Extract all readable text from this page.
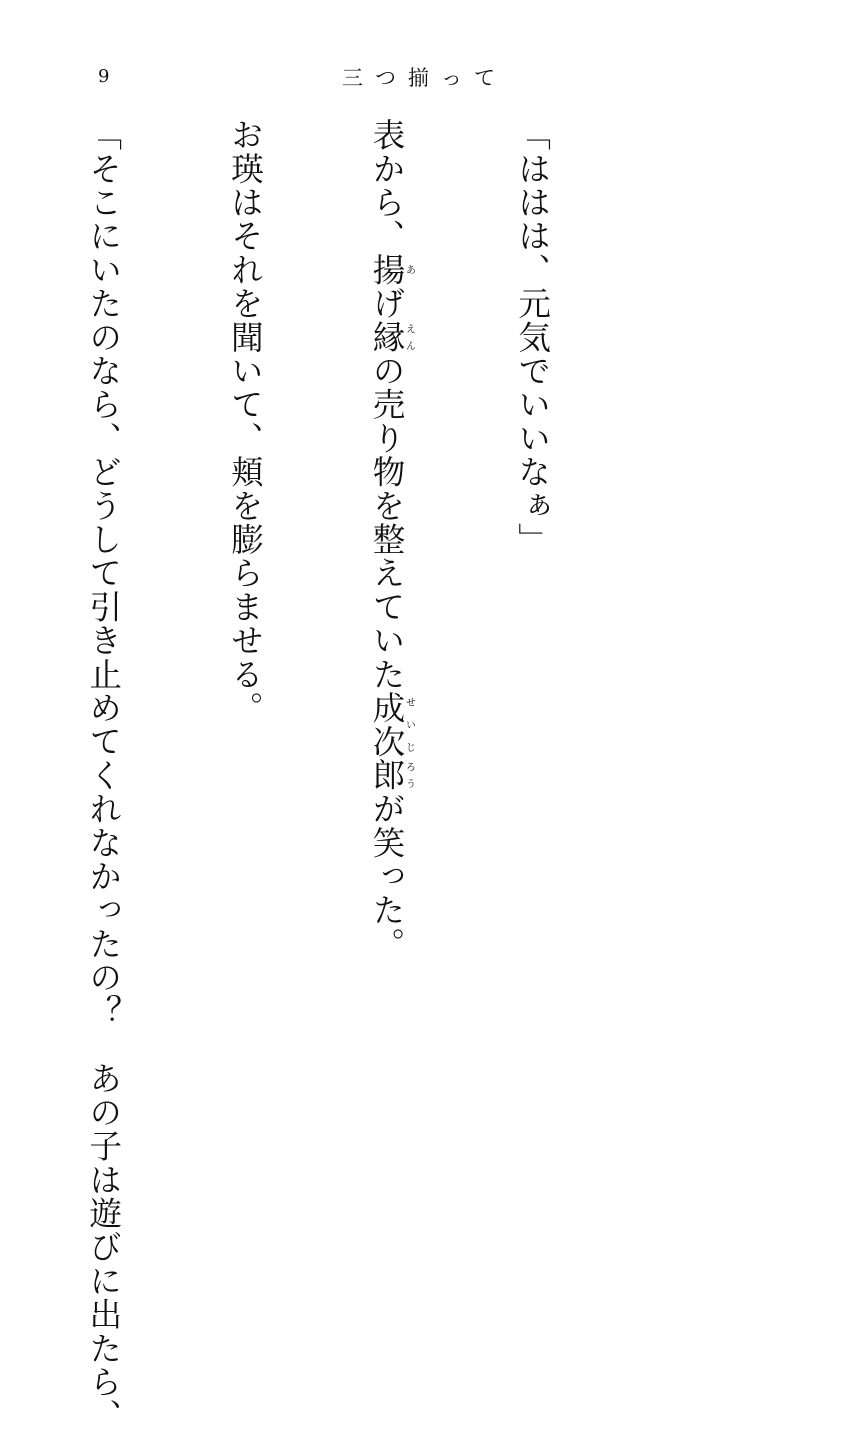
9	三つ揃って

「ははは、元気でいいなぁ」

表から、揚あげ縁えんの売り物を整えていた成次せいじ郎ろうが笑った。

お瑛はそれを聞いて、頬を膨らませる。

「そこにいたのなら、どうして引き止めてくれなかったの？　あの子は遊びに出たら、
